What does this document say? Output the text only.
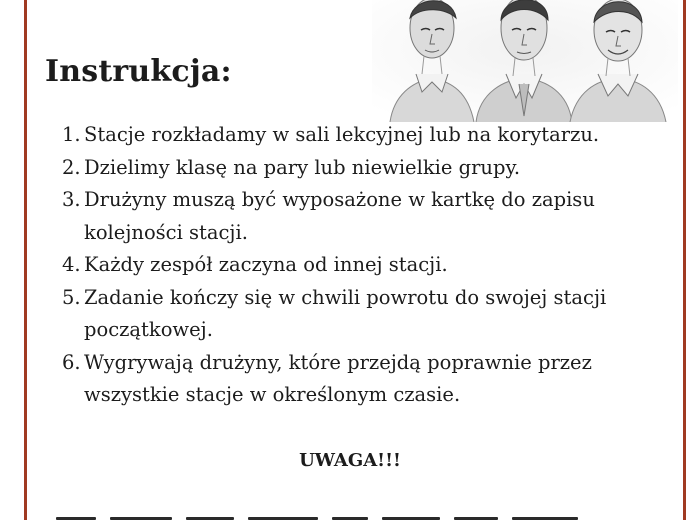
Instrukcja:
1. Stacje rozkładamy w sali lekcyjnej lub na korytarzu.
2. Dzielimy klasę na pary lub niewielkie grupy.
3. Drużyny muszą być wyposażone w kartkę do zapisu kolejności stacji.
4. Każdy zespół zaczyna od innej stacji.
5. Zadanie kończy się w chwili powrotu do swojej stacji początkowej.
6. Wygrywają drużyny, które przejdą poprawnie przez wszystkie stacje w określonym czasie.

UWAGA!!!
